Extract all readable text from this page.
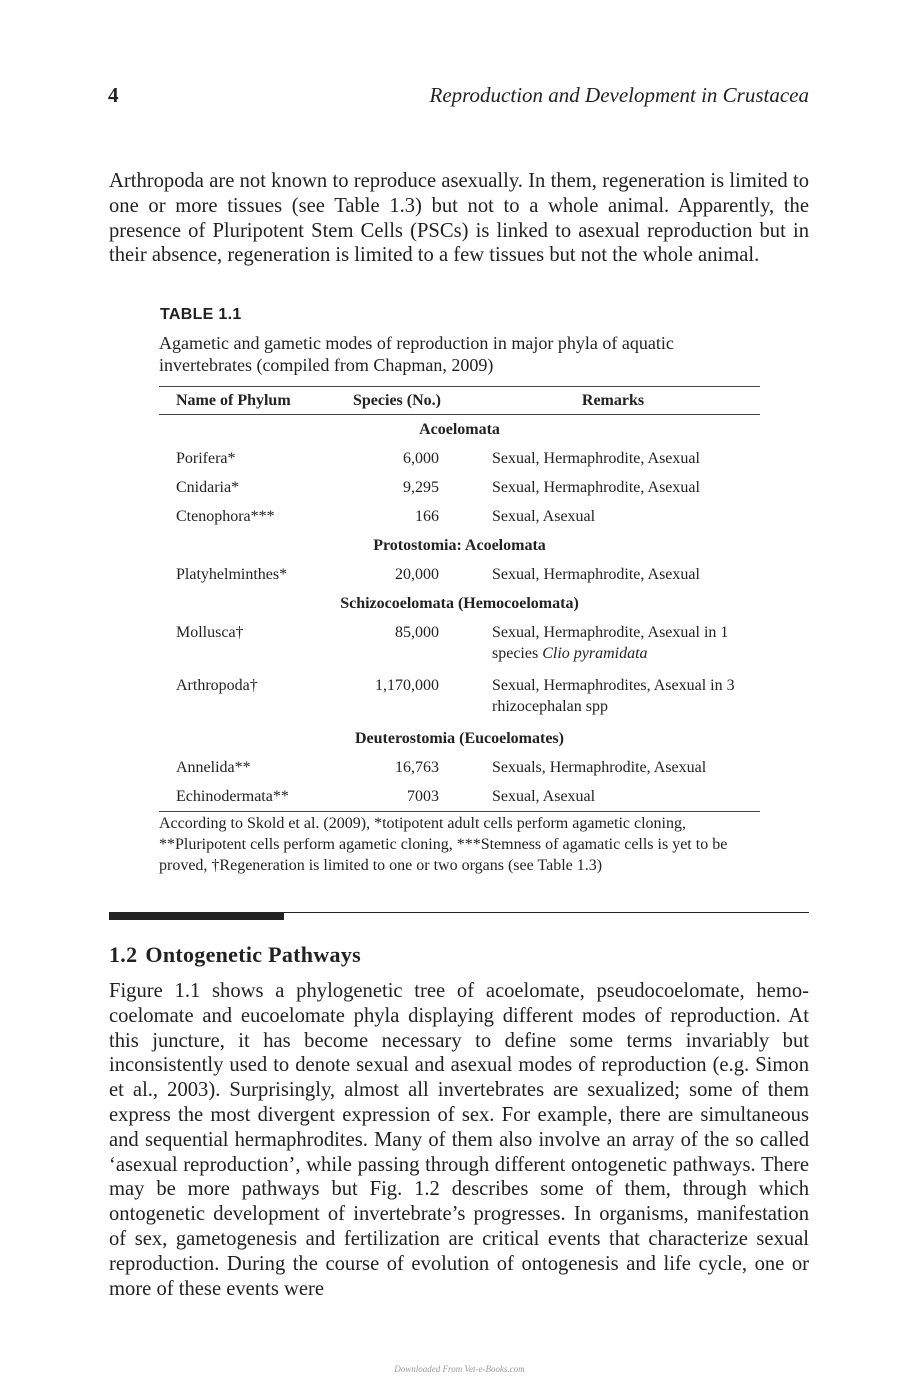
4	Reproduction and Development in Crustacea

Arthropoda are not known to reproduce asexually. In them, regeneration is limited to one or more tissues (see Table 1.3) but not to a whole animal. Apparently, the presence of Pluripotent Stem Cells (PSCs) is linked to asexual reproduction but in their absence, regeneration is limited to a few tissues but not the whole animal.

TABLE 1.1
Agametic and gametic modes of reproduction in major phyla of aquatic invertebrates (compiled from Chapman, 2009)
Name of Phylum	Species (No.)	Remarks
Acoelomata		
Porifera*	6,000	Sexual, Hermaphrodite, Asexual
Cnidaria*	9,295	Sexual, Hermaphrodite, Asexual
Ctenophora***	166	Sexual, Asexual
Protostomia: Acoelomata		
Platyhelminthes*	20,000	Sexual, Hermaphrodite, Asexual
Schizocoelomata (Hemocoelomata)		
Mollusca†	85,000	Sexual, Hermaphrodite, Asexual in 1 species Clio pyramidata
Arthropoda†	1,170,000	Sexual, Hermaphrodites, Asexual in 3 rhizocephalan spp
Deuterostomia (Eucoelomates)		
Annelida**	16,763	Sexuals, Hermaphrodite, Asexual
Echinodermata**	7003	Sexual, Asexual
According to Skold et al. (2009), *totipotent adult cells perform agametic cloning, **Pluripotent cells perform agametic cloning, ***Stemness of agamatic cells is yet to be proved, †Regeneration is limited to one or two organs (see Table 1.3)
1.2 Ontogenetic Pathways

Figure 1.1 shows a phylogenetic tree of acoelomate, pseudocoelomate, hemocoelomate and eucoelomate phyla displaying different modes of reproduction. At this juncture, it has become necessary to define some terms invariably but inconsistently used to denote sexual and asexual modes of reproduction (e.g. Simon et al., 2003). Surprisingly, almost all invertebrates are sexualized; some of them express the most divergent expression of sex. For example, there are simultaneous and sequential hermaphrodites. Many of them also involve an array of the so called ‘asexual reproduction’, while passing through different ontogenetic pathways. There may be more pathways but Fig. 1.2 describes some of them, through which ontogenetic development of invertebrate’s progresses. In organisms, manifestation of sex, gametogenesis and fertilization are critical events that characterize sexual reproduction. During the course of evolution of ontogenesis and life cycle, one or more of these events were

Downloaded From Vet-e-Books.com
